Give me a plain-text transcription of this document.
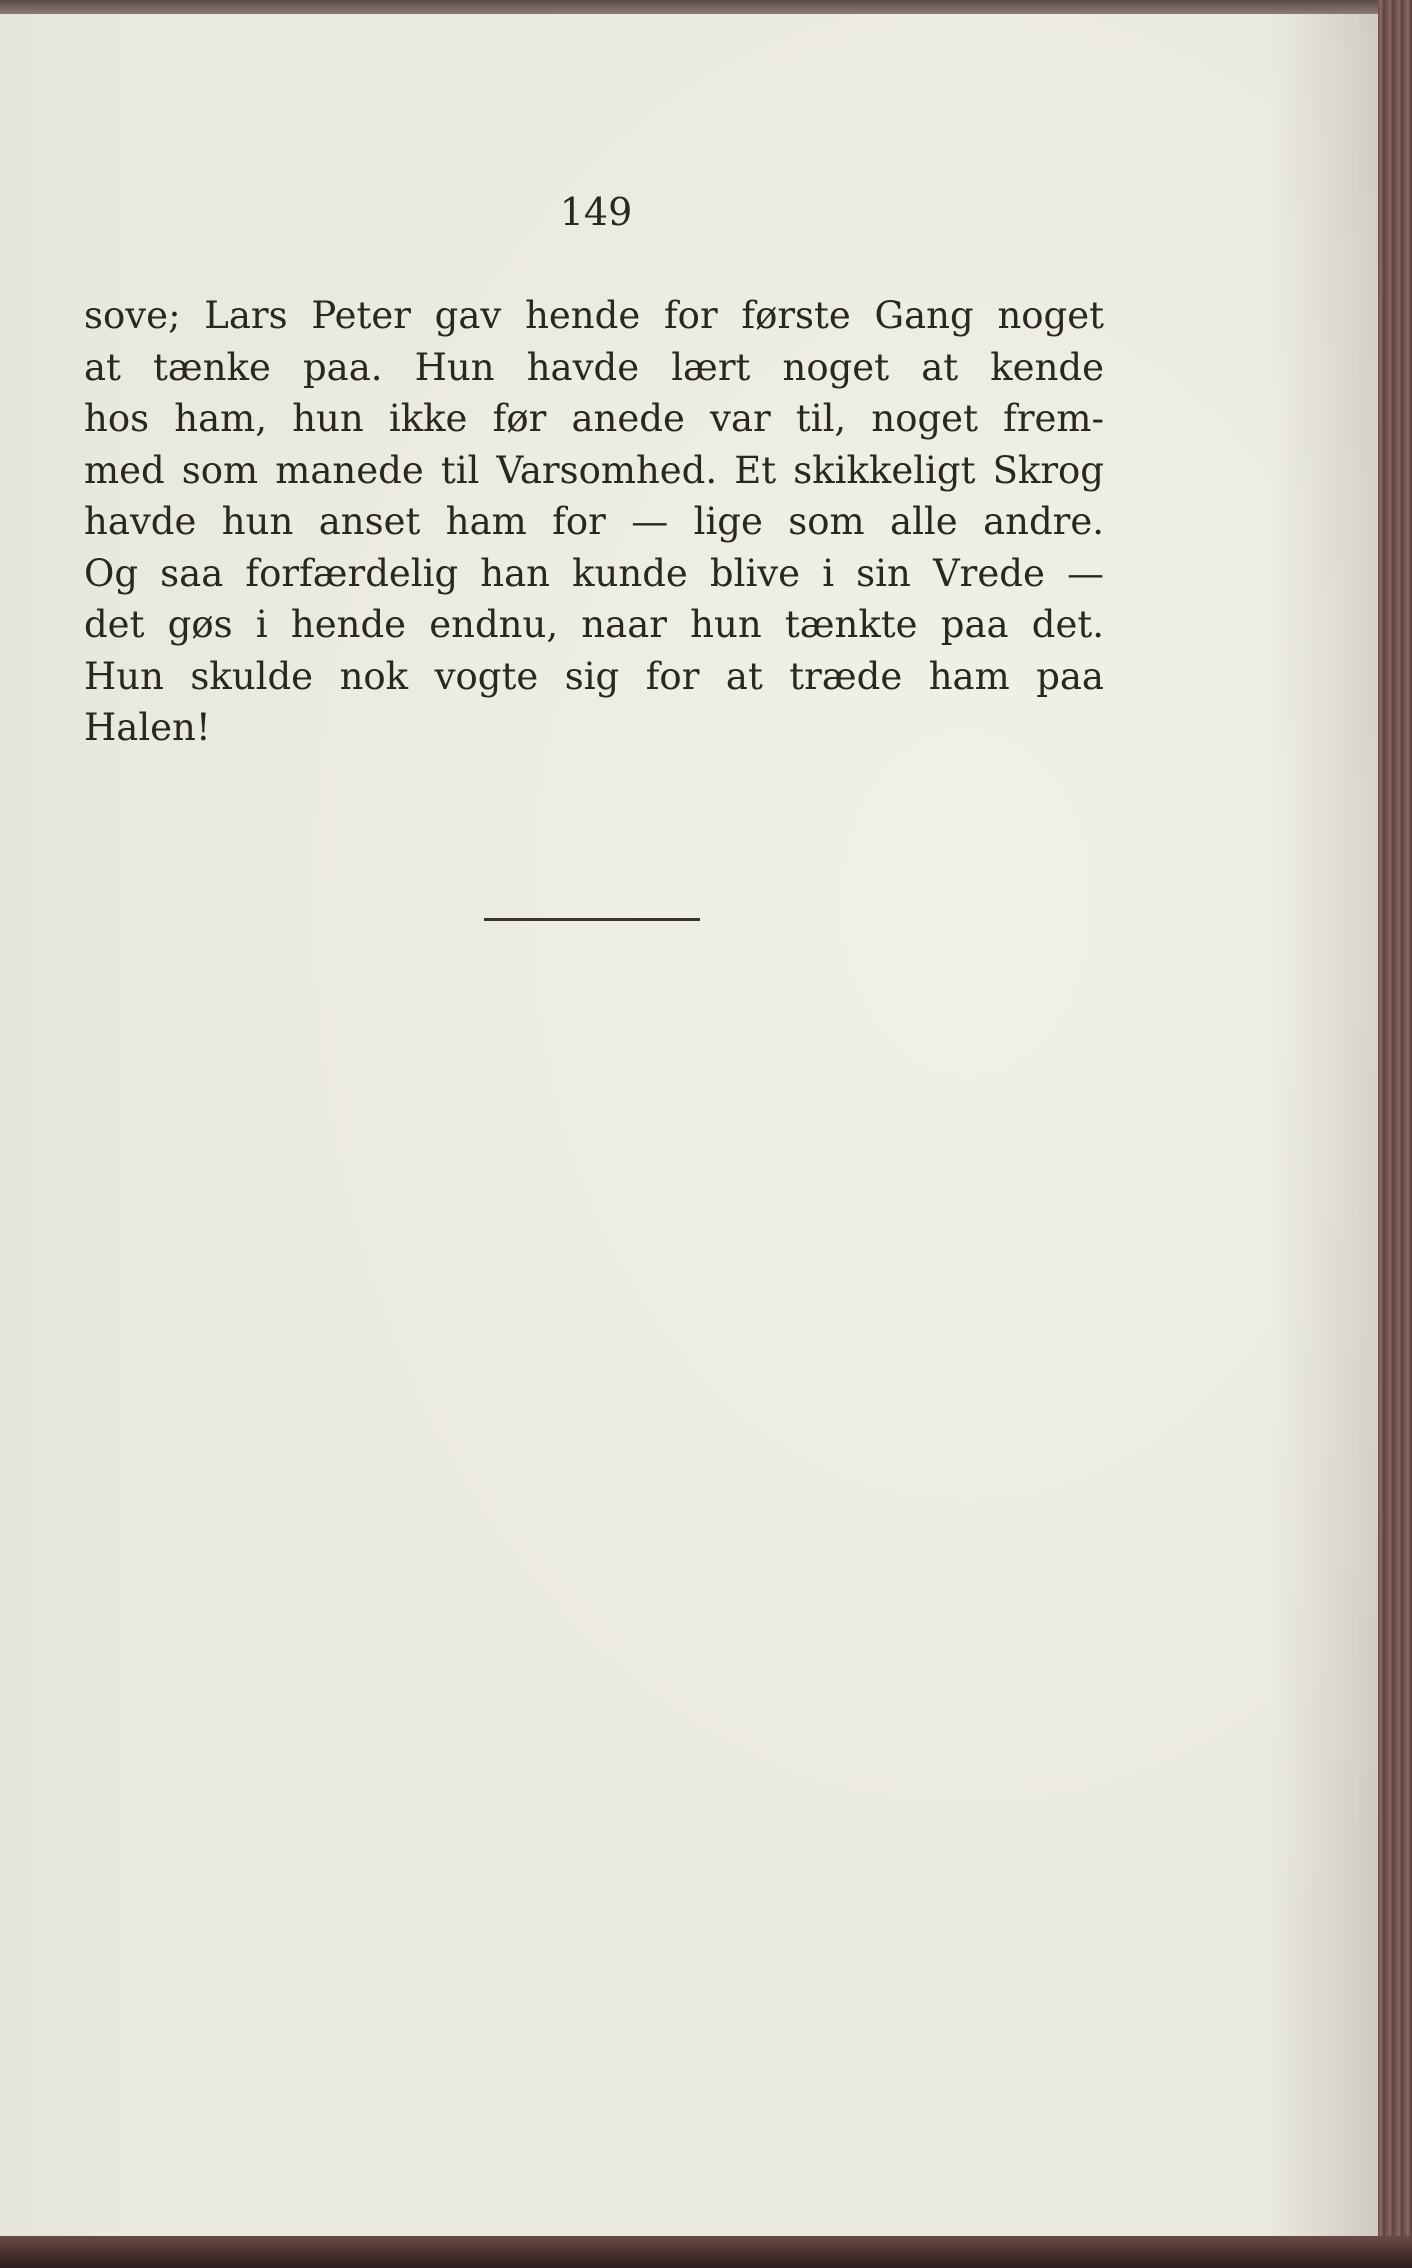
149
sove; Lars Peter gav hende for første Gang noget
at tænke paa. Hun havde lært noget at kende
hos ham, hun ikke før anede var til, noget frem-
med som manede til Varsomhed. Et skikkeligt Skrog
havde hun anset ham for — lige som alle andre.
Og saa forfærdelig han kunde blive i sin Vrede —
det gøs i hende endnu, naar hun tænkte paa det.
Hun skulde nok vogte sig for at træde ham paa
Halen!
